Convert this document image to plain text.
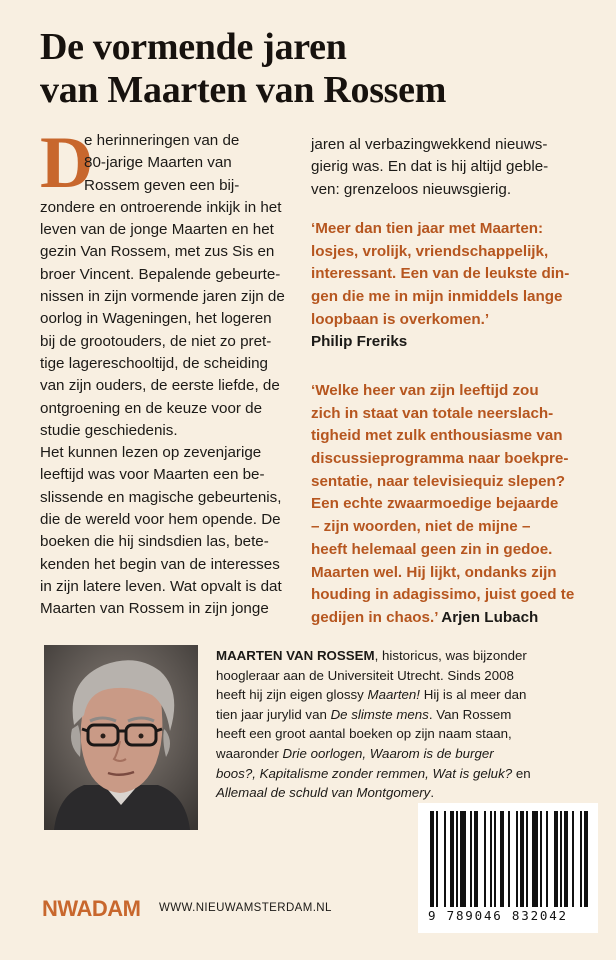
De vormende jaren
van Maarten van Rossem
D
e herinneringen van de
80-jarige Maarten van
Rossem geven een bij-
zondere en ontroerende inkijk in het
leven van de jonge Maarten en het
gezin Van Rossem, met zus Sis en
broer Vincent. Bepalende gebeurte-
nissen in zijn vormende jaren zijn de
oorlog in Wageningen, het logeren
bij de grootouders, de niet zo pret-
tige lagereschooltijd, de scheiding
van zijn ouders, de eerste liefde, de
ontgroening en de keuze voor de
studie geschiedenis.
Het kunnen lezen op zevenjarige
leeftijd was voor Maarten een be-
slissende en magische gebeurtenis,
die de wereld voor hem opende. De
boeken die hij sindsdien las, bete-
kenden het begin van de interesses
in zijn latere leven. Wat opvalt is dat
Maarten van Rossem in zijn jonge
jaren al verbazingwekkend nieuws-
gierig was. En dat is hij altijd geble-
ven: grenzeloos nieuwsgierig.
‘Meer dan tien jaar met Maarten:
losjes, vrolijk, vriendschappelijk,
interessant. Een van de leukste din-
gen die me in mijn inmiddels lange
loopbaan is overkomen.’
Philip Freriks
‘Welke heer van zijn leeftijd zou
zich in staat van totale neerslach-
tigheid met zulk enthousiasme van
discussieprogramma naar boekpre-
sentatie, naar televisiequiz slepen?
Een echte zwaarmoedige bejaarde
– zijn woorden, niet de mijne –
heeft helemaal geen zin in gedoe.
Maarten wel. Hij lijkt, ondanks zijn
houding in adagissimo, juist goed te
gedijen in chaos.’ Arjen Lubach
MAARTEN VAN ROSSEM, historicus, was bijzonder
hoogleraar aan de Universiteit Utrecht. Sinds 2008
heeft hij zijn eigen glossy Maarten! Hij is al meer dan
tien jaar jurylid van De slimste mens. Van Rossem
heeft een groot aantal boeken op zijn naam staan,
waaronder Drie oorlogen, Waarom is de burger
boos?, Kapitalisme zonder remmen, Wat is geluk? en
Allemaal de schuld van Montgomery.
NWADAM WWW.NIEUWAMSTERDAM.NL	9 789046 832042
